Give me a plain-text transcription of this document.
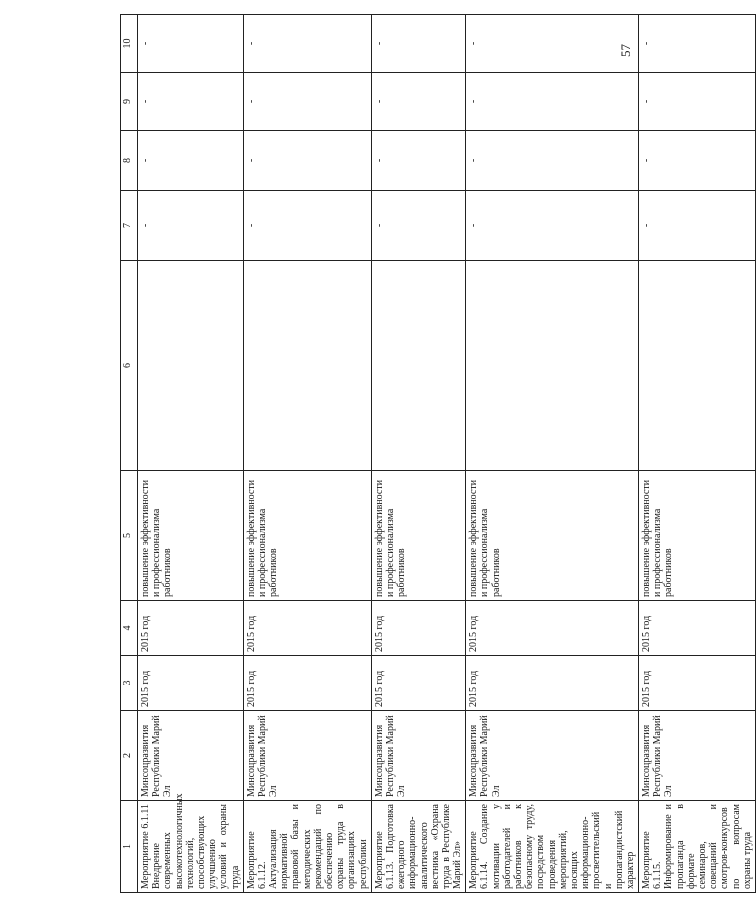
57
1	2	3	4	5	6	7	8	9	10
Мероприятие 6.1.11 Внедрение современных высокотехнологичных технологий, способствующих улучшению условий и охраны труда	Минсоцразвития Республики Марий Эл	2015 год	2015 год	повышение эффективности и профессионализма работников		-	-	-	-
Мероприятие 6.1.12. Актуализация нормативной правовой базы и методических рекомендаций по обеспечению охраны труда в организациях республики	Минсоцразвития Республики Марий Эл	2015 год	2015 год	повышение эффективности и профессионализма работников		-	-	-	-
Мероприятие 6.1.13. Подготовка ежегодного информационно-аналитического вестника «Охрана труда в Республике Марий Эл»	Минсоцразвития Республики Марий Эл	2015 год	2015 год	повышение эффективности и профессионализма работников		-	-	-	-
Мероприятие 6.1.14. Создание мотивации у работодателей и работников к безопасному труду, посредством проведения мероприятий, носящих информационно-просветительский и пропагандистский характер	Минсоцразвития Республики Марий Эл	2015 год	2015 год	повышение эффективности и профессионализма работников		-	-	-	-
Мероприятие 6.1.15. Информирование и пропаганда в формате семинаров, совещаний и смотров-конкурсов по вопросам охраны труда	Минсоцразвития Республики Марий Эл	2015 год	2015 год	повышение эффективности и профессионализма работников		-	-	-	-
